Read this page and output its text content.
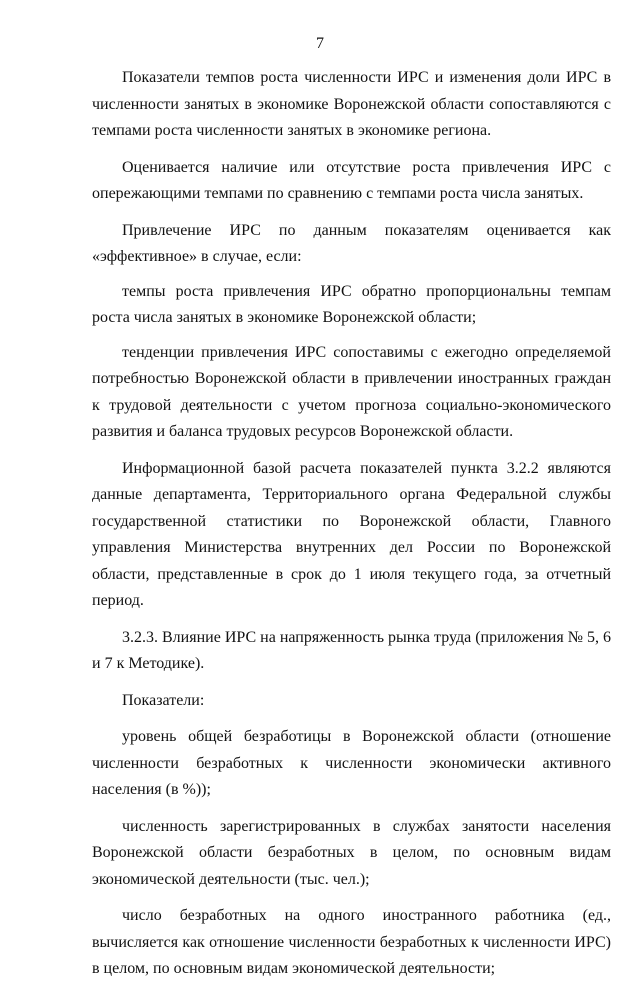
7

Показатели темпов роста численности ИРС и изменения доли ИРС в численности занятых в экономике Воронежской области сопоставляются с темпами роста численности занятых в экономике региона.

Оценивается наличие или отсутствие роста привлечения ИРС с опережающими темпами по сравнению с темпами роста числа занятых.

Привлечение ИРС по данным показателям оценивается как «эффективное» в случае, если:

темпы роста привлечения ИРС обратно пропорциональны темпам роста числа занятых в экономике Воронежской области;

тенденции привлечения ИРС сопоставимы с ежегодно определяемой потребностью Воронежской области в привлечении иностранных граждан к трудовой деятельности с учетом прогноза социально-экономического развития и баланса трудовых ресурсов Воронежской области.

Информационной базой расчета показателей пункта 3.2.2 являются данные департамента, Территориального органа Федеральной службы государственной статистики по Воронежской области, Главного управления Министерства внутренних дел России по Воронежской области, представленные в срок до 1 июля текущего года, за отчетный период.

3.2.3. Влияние ИРС на напряженность рынка труда (приложения № 5, 6 и 7 к Методике).

Показатели:

уровень общей безработицы в Воронежской области (отношение численности безработных к численности экономически активного населения (в %));

численность зарегистрированных в службах занятости населения Воронежской области безработных в целом, по основным видам экономической деятельности (тыс. чел.);

число безработных на одного иностранного работника (ед., вычисляется как отношение численности безработных к численности ИРС) в целом, по основным видам экономической деятельности;
